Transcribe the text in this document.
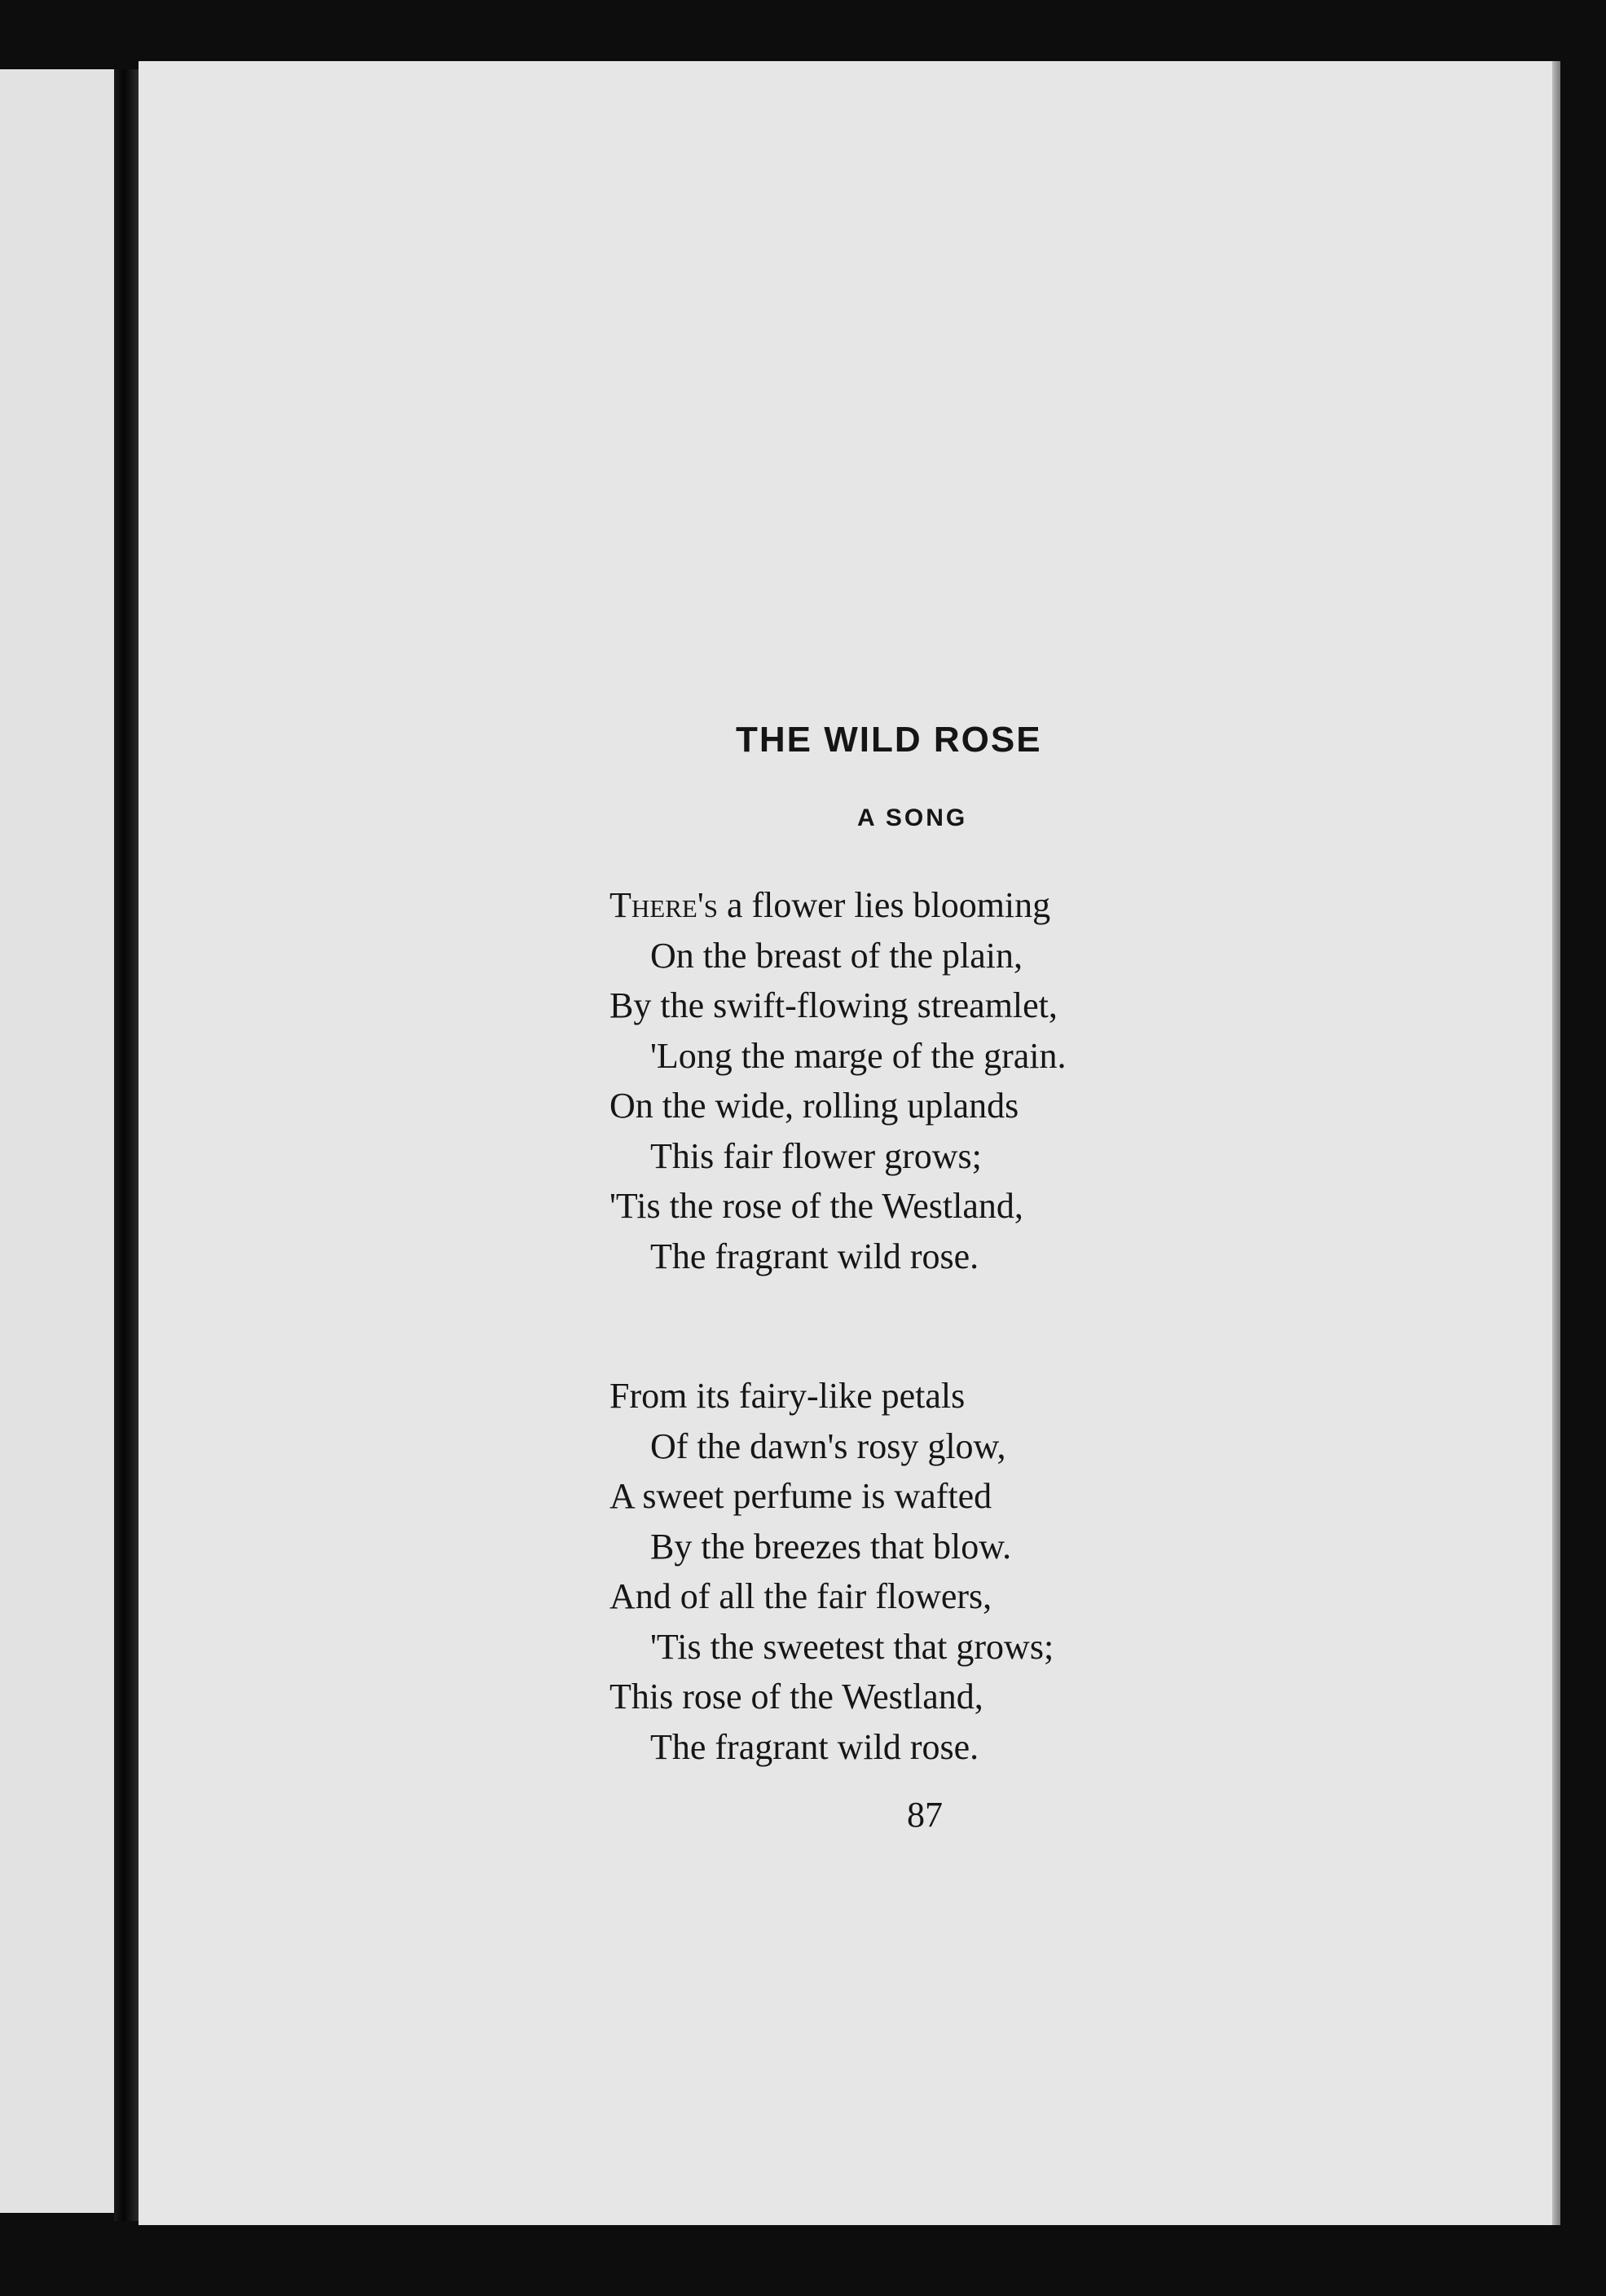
THE WILD ROSE
A SONG
There's a flower lies blooming
On the breast of the plain,
By the swift-flowing streamlet,
'Long the marge of the grain.
On the wide, rolling uplands
This fair flower grows;
'Tis the rose of the Westland,
The fragrant wild rose.
From its fairy-like petals
Of the dawn's rosy glow,
A sweet perfume is wafted
By the breezes that blow.
And of all the fair flowers,
'Tis the sweetest that grows;
This rose of the Westland,
The fragrant wild rose.

87
